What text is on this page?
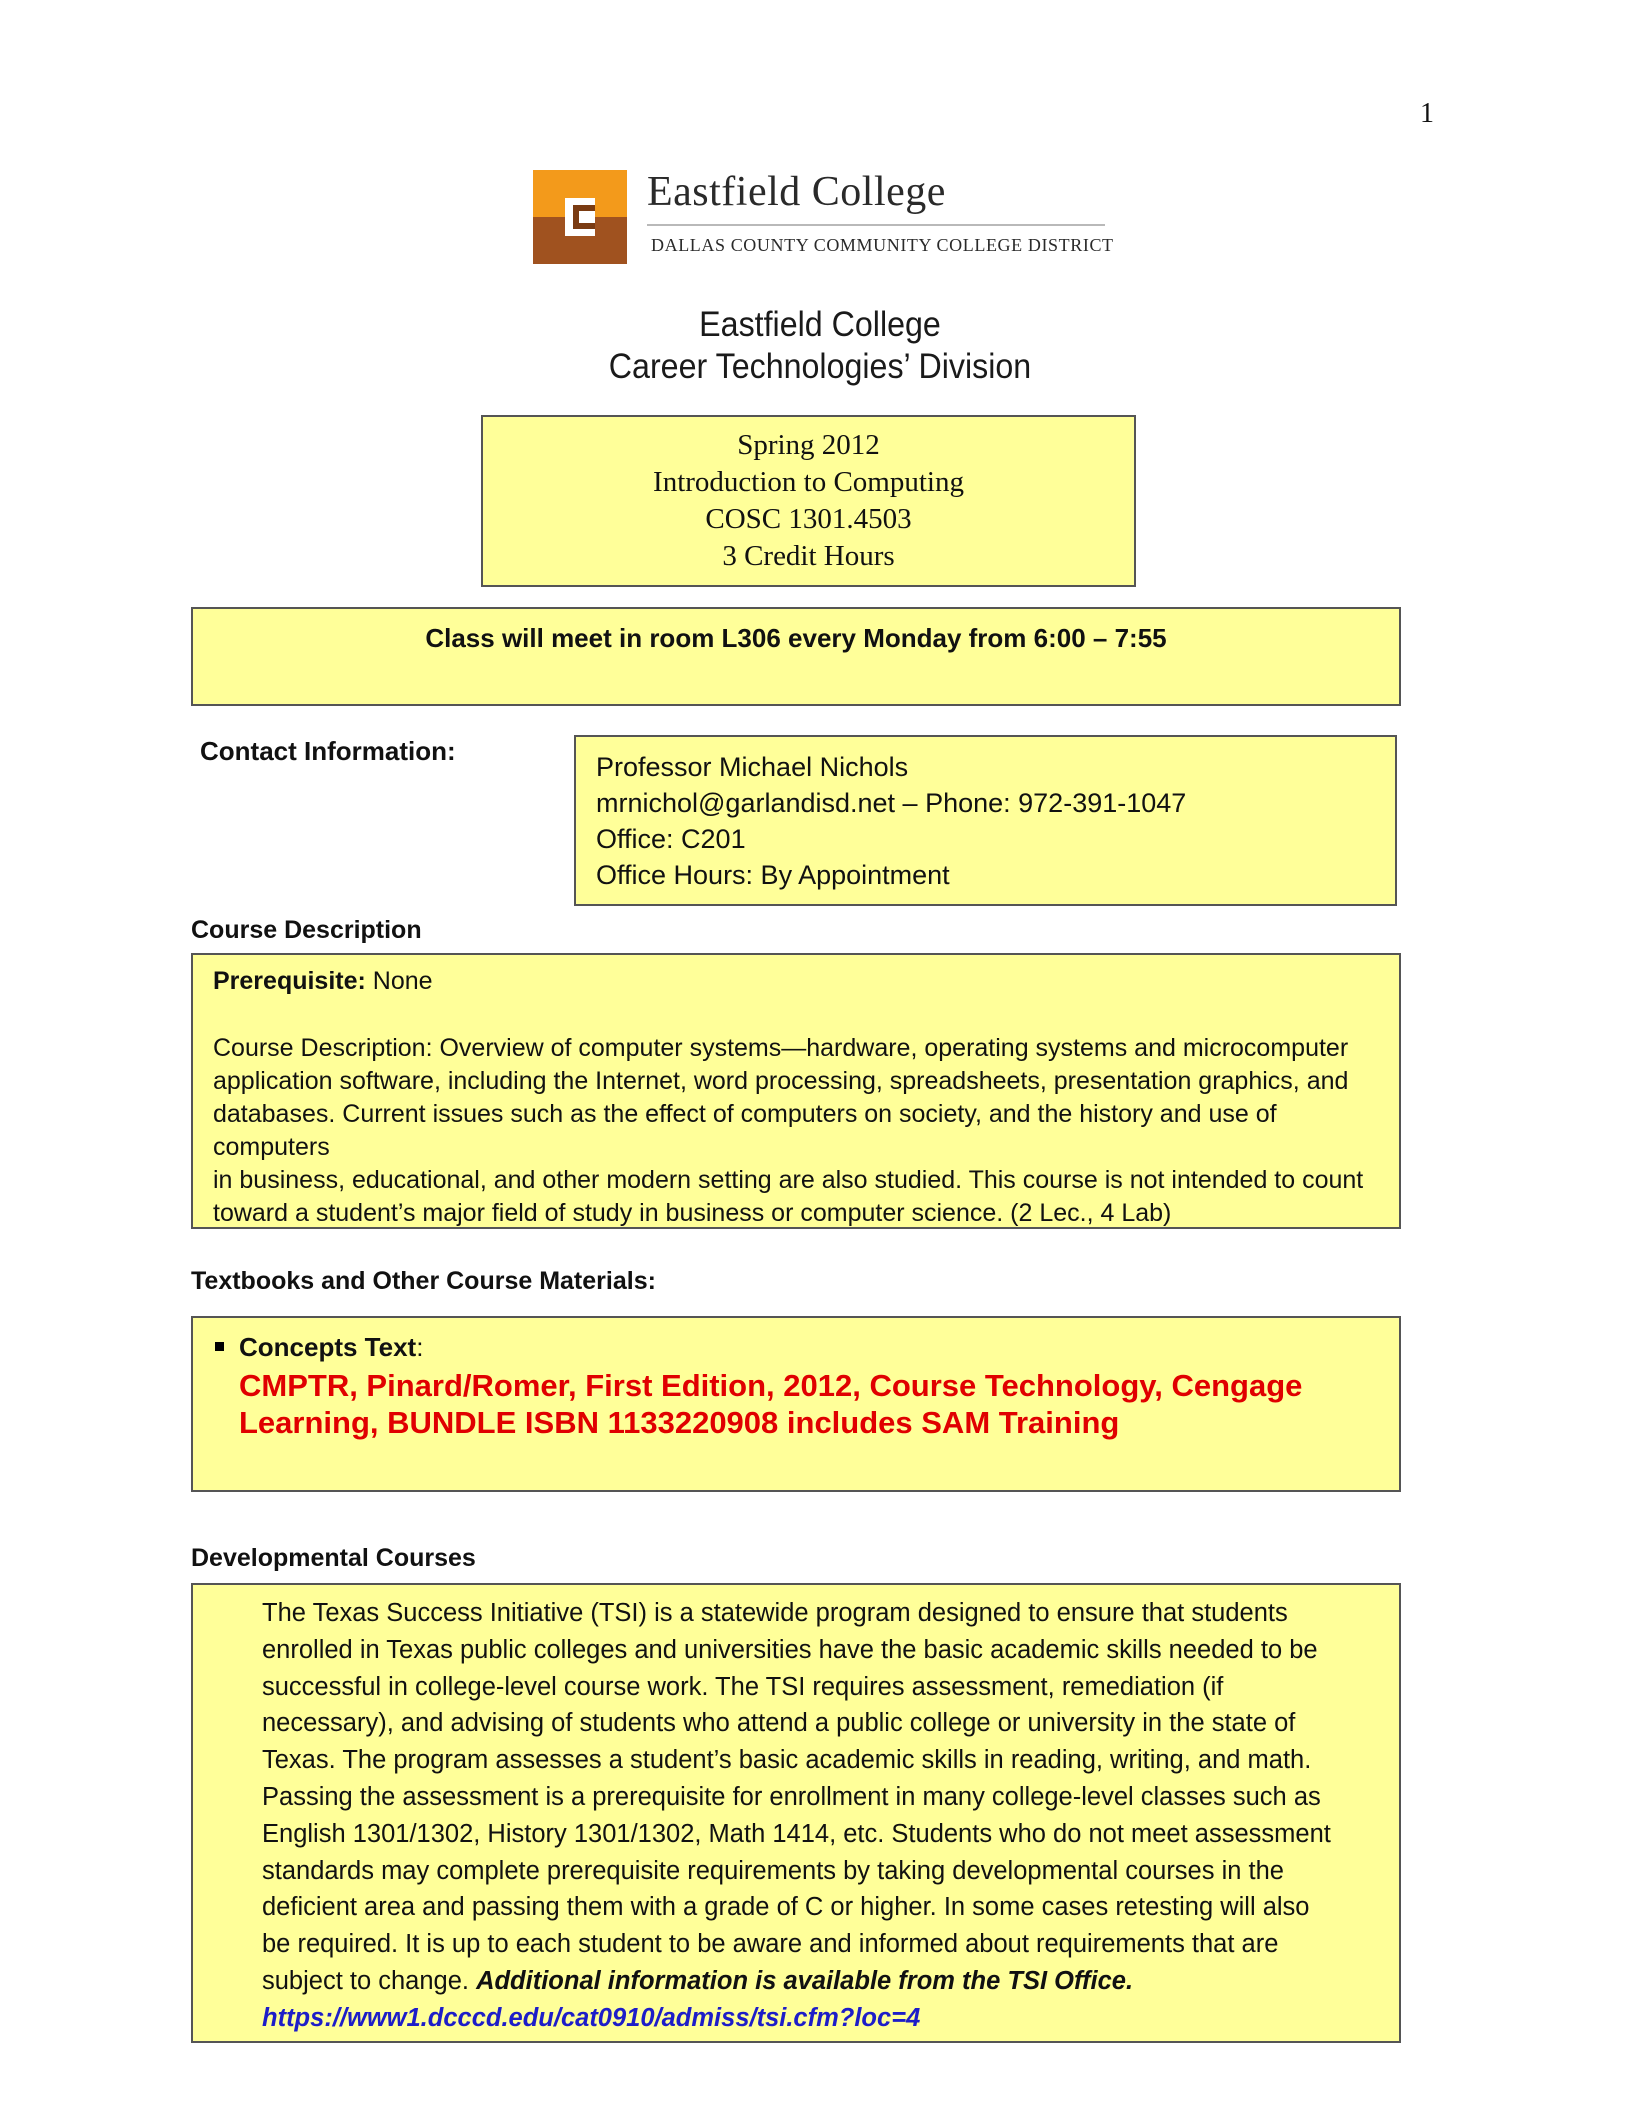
1
Eastfield College
DALLAS COUNTY COMMUNITY COLLEGE DISTRICT
Eastfield College
Career Technologies’ Division
Spring 2012
Introduction to Computing
COSC 1301.4503
3 Credit Hours
Class will meet in room L306 every Monday from 6:00 – 7:55
Contact Information:
Professor Michael Nichols
mrnichol@garlandisd.net – Phone: 972-391-1047
Office: C201
Office Hours: By Appointment
Course Description

Prerequisite: None

Course Description: Overview of computer systems—hardware, operating systems and microcomputer

application software, including the Internet, word processing, spreadsheets, presentation graphics, and

databases. Current issues such as the effect of computers on society, and the history and use of computers

in business, educational, and other modern setting are also studied. This course is not intended to count

toward a student’s major field of study in business or computer science. (2 Lec., 4 Lab)

Textbooks and Other Course Materials:
Concepts Text:
CMPTR, Pinard/Romer, First Edition, 2012, Course Technology, Cengage
Learning, BUNDLE ISBN 1133220908 includes SAM Training
Developmental Courses

The Texas Success Initiative (TSI) is a statewide program designed to ensure that students

enrolled in Texas public colleges and universities have the basic academic skills needed to be

successful in college-level course work. The TSI requires assessment, remediation (if

necessary), and advising of students who attend a public college or university in the state of

Texas. The program assesses a student’s basic academic skills in reading, writing, and math.

Passing the assessment is a prerequisite for enrollment in many college-level classes such as

English 1301/1302, History 1301/1302, Math 1414, etc. Students who do not meet assessment

standards may complete prerequisite requirements by taking developmental courses in the

deficient area and passing them with a grade of C or higher. In some cases retesting will also

be required. It is up to each student to be aware and informed about requirements that are

subject to change. Additional information is available from the TSI Office.

https://www1.dcccd.edu/cat0910/admiss/tsi.cfm?loc=4
